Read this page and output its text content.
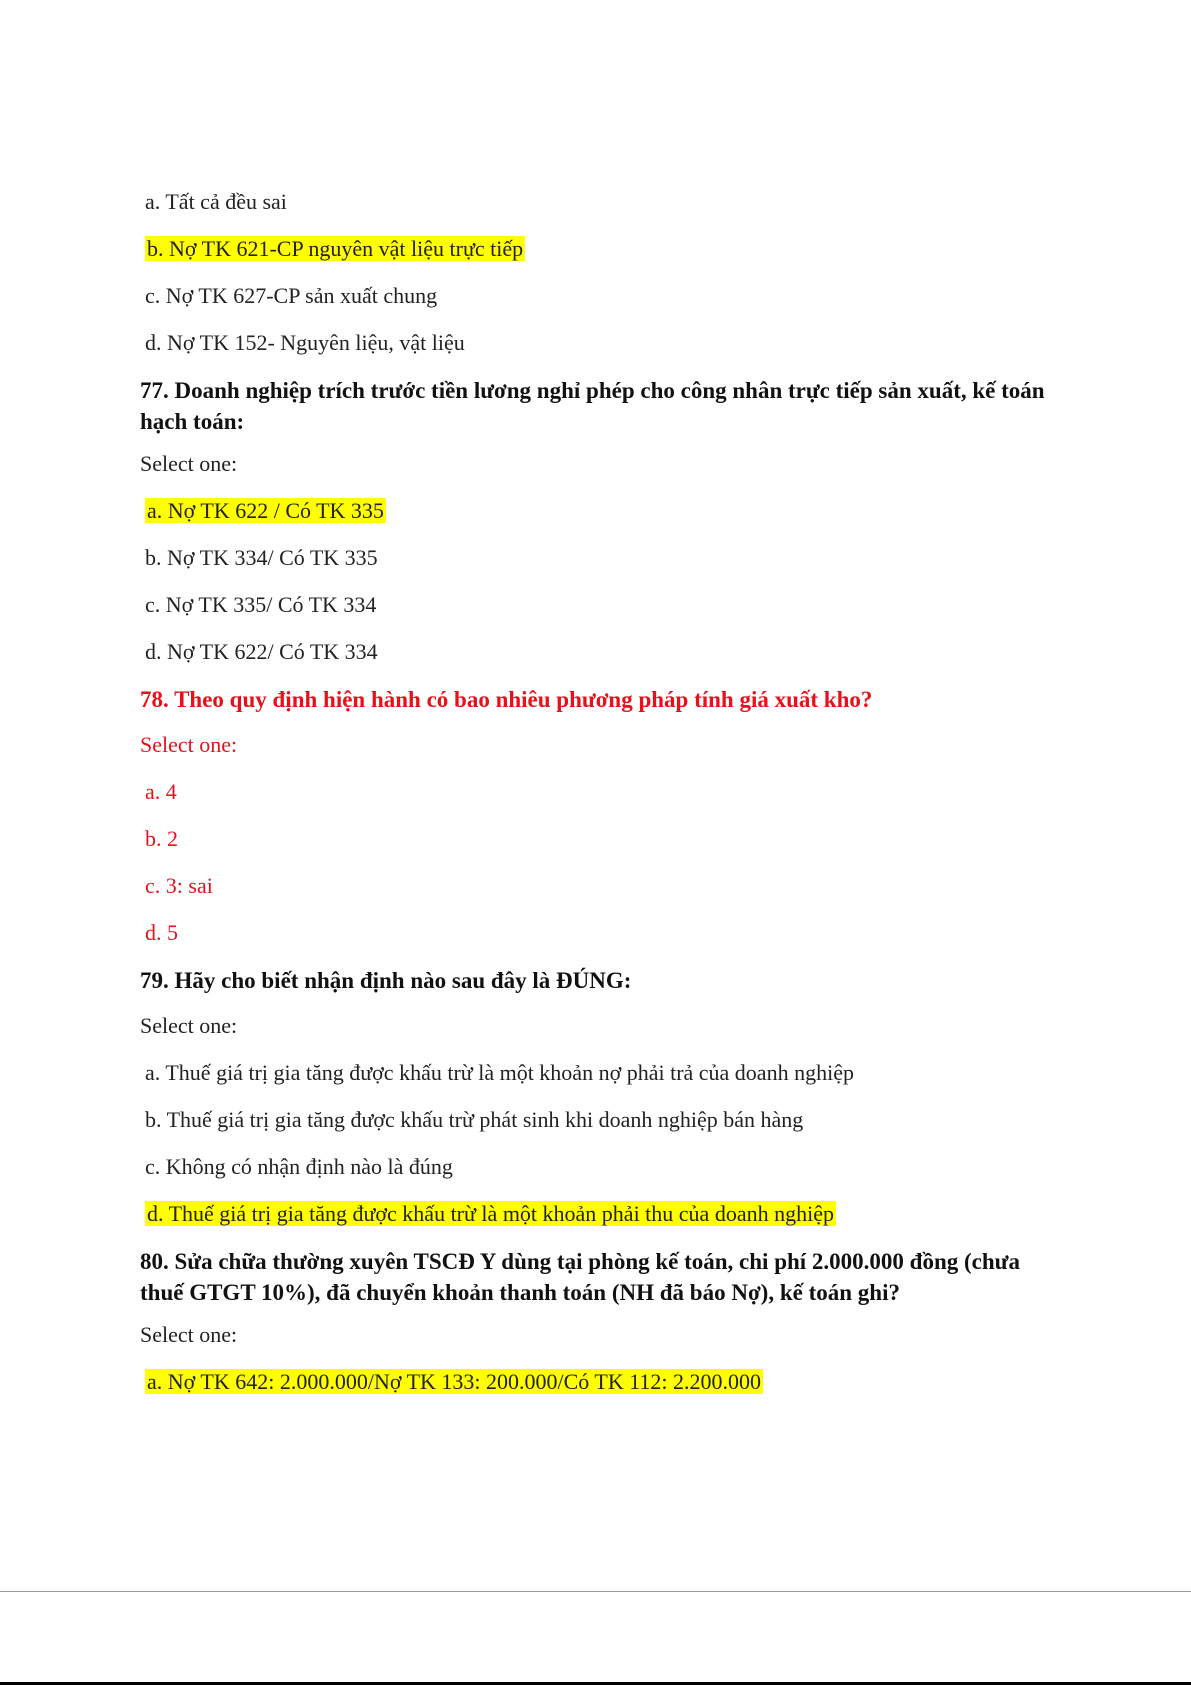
a. Tất cả đều sai
b. Nợ TK 621-CP nguyên vật liệu trực tiếp
c. Nợ TK 627-CP sản xuất chung
d. Nợ TK 152- Nguyên liệu, vật liệu
77. Doanh nghiệp trích trước tiền lương nghỉ phép cho công nhân trực tiếp sản xuất, kế toán hạch toán:
Select one:
a. Nợ TK 622 / Có TK 335
b. Nợ TK 334/ Có TK 335
c. Nợ TK 335/ Có TK 334
d. Nợ TK 622/ Có TK 334
78. Theo quy định hiện hành có bao nhiêu phương pháp tính giá xuất kho?
Select one:
a. 4
b. 2
c. 3: sai
d. 5
79. Hãy cho biết nhận định nào sau đây là ĐÚNG:
Select one:
a. Thuế giá trị gia tăng được khấu trừ là một khoản nợ phải trả của doanh nghiệp
b. Thuế giá trị gia tăng được khấu trừ phát sinh khi doanh nghiệp bán hàng
c. Không có nhận định nào là đúng
d. Thuế giá trị gia tăng được khấu trừ là một khoản phải thu của doanh nghiệp
80. Sửa chữa thường xuyên TSCĐ Y dùng tại phòng kế toán, chi phí 2.000.000 đồng (chưa thuế GTGT 10%), đã chuyển khoản thanh toán (NH đã báo Nợ), kế toán ghi?
Select one:
a. Nợ TK 642: 2.000.000/Nợ TK 133: 200.000/Có TK 112: 2.200.000
